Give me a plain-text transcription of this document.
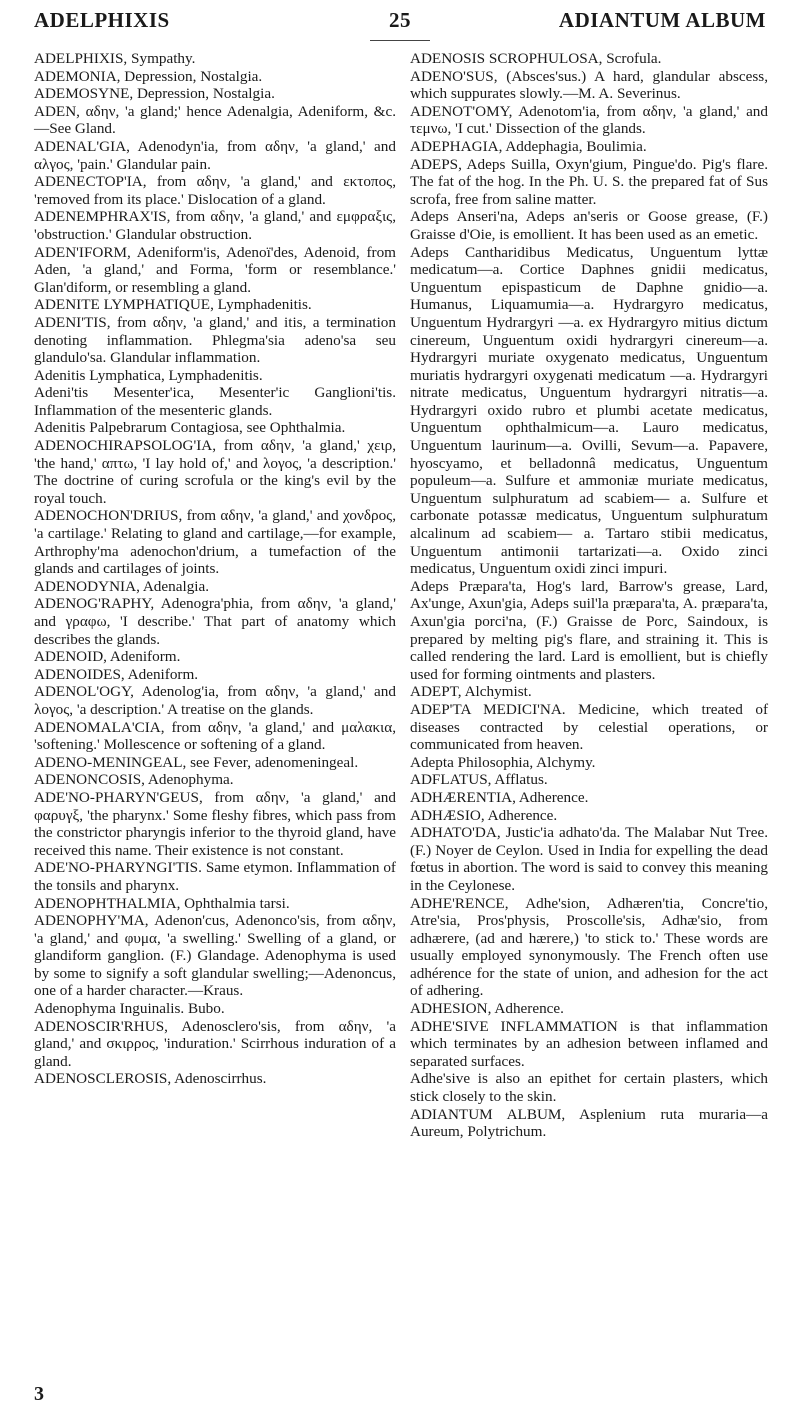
ADELPHIXIS	25	ADIANTUM ALBUM

ADELPHIXIS, Sympathy.

ADEMONIA, Depression, Nostalgia.

ADEMOSYNE, Depression, Nostalgia.

ADEN, αδην, 'a gland;' hence Adenalgia, Adeniform, &c.—See Gland.

ADENAL'GIA, Adenodyn'ia, from αδην, 'a gland,' and αλγος, 'pain.' Glandular pain.

ADENECTOP'IA, from αδην, 'a gland,' and εκτοπος, 'removed from its place.' Dislocation of a gland.

ADENEMPHRAX'IS, from αδην, 'a gland,' and εμφραξις, 'obstruction.' Glandular obstruction.

ADEN'IFORM, Adeniform'is, Adenoï'des, Adenoid, from Aden, 'a gland,' and Forma, 'form or resemblance.' Glan'diform, or resembling a gland.

ADENITE LYMPHATIQUE, Lymphadenitis.

ADENI'TIS, from αδην, 'a gland,' and itis, a termination denoting inflammation. Phlegma'sia adeno'sa seu glandulo'sa. Glandular inflammation.

Adenitis Lymphatica, Lymphadenitis.

Adeni'tis Mesenter'ica, Mesenter'ic Ganglioni'tis. Inflammation of the mesenteric glands.

Adenitis Palpebrarum Contagiosa, see Ophthalmia.

ADENOCHIRAPSOLOG'IA, from αδην, 'a gland,' χειρ, 'the hand,' απτω, 'I lay hold of,' and λογος, 'a description.' The doctrine of curing scrofula or the king's evil by the royal touch.

ADENOCHON'DRIUS, from αδην, 'a gland,' and χονδρος, 'a cartilage.' Relating to gland and cartilage,—for example, Arthrophy'ma adenochon'drium, a tumefaction of the glands and cartilages of joints.

ADENODYNIA, Adenalgia.

ADENOG'RAPHY, Adenogra'phia, from αδην, 'a gland,' and γραφω, 'I describe.' That part of anatomy which describes the glands.

ADENOID, Adeniform.

ADENOIDES, Adeniform.

ADENOL'OGY, Adenolog'ia, from αδην, 'a gland,' and λογος, 'a description.' A treatise on the glands.

ADENOMALA'CIA, from αδην, 'a gland,' and μαλακια, 'softening.' Mollescence or softening of a gland.

ADENO-MENINGEAL, see Fever, adenomeningeal.

ADENONCOSIS, Adenophyma.

ADE'NO-PHARYN'GEUS, from αδην, 'a gland,' and φαρυγξ, 'the pharynx.' Some fleshy fibres, which pass from the constrictor pharyngis inferior to the thyroid gland, have received this name. Their existence is not constant.

ADE'NO-PHARYNGI'TIS. Same etymon. Inflammation of the tonsils and pharynx.

ADENOPHTHALMIA, Ophthalmia tarsi.

ADENOPHY'MA, Adenon'cus, Adenonco'sis, from αδην, 'a gland,' and φυμα, 'a swelling.' Swelling of a gland, or glandiform ganglion. (F.) Glandage. Adenophyma is used by some to signify a soft glandular swelling;—Adenoncus, one of a harder character.—Kraus.

Adenophyma Inguinalis. Bubo.

ADENOSCIR'RHUS, Adenosclero'sis, from αδην, 'a gland,' and σκιρρος, 'induration.' Scirrhous induration of a gland.

ADENOSCLEROSIS, Adenoscirrhus.

ADENOSIS SCROPHULOSA, Scrofula.

ADENO'SUS, (Absces'sus.) A hard, glandular abscess, which suppurates slowly.—M. A. Severinus.

ADENOT'OMY, Adenotom'ia, from αδην, 'a gland,' and τεμνω, 'I cut.' Dissection of the glands.

ADEPHAGIA, Addephagia, Boulimia.

ADEPS, Adeps Suilla, Oxyn'gium, Pingue'do. Pig's flare. The fat of the hog. In the Ph. U. S. the prepared fat of Sus scrofa, free from saline matter.

Adeps Anseri'na, Adeps an'seris or Goose grease, (F.) Graisse d'Oie, is emollient. It has been used as an emetic.

Adeps Cantharidibus Medicatus, Unguentum lyttæ medicatum—a. Cortice Daphnes gnidii medicatus, Unguentum epispasticum de Daphne gnidio—a. Humanus, Liquamumia—a. Hydrargyro medicatus, Unguentum Hydrargyri —a. ex Hydrargyro mitius dictum cinereum, Unguentum oxidi hydrargyri cinereum—a. Hydrargyri muriate oxygenato medicatus, Unguentum muriatis hydrargyri oxygenati medicatum —a. Hydrargyri nitrate medicatus, Unguentum hydrargyri nitratis—a. Hydrargyri oxido rubro et plumbi acetate medicatus, Unguentum ophthalmicum—a. Lauro medicatus, Unguentum laurinum—a. Ovilli, Sevum—a. Papavere, hyoscyamo, et belladonnâ medicatus, Unguentum populeum—a. Sulfure et ammoniæ muriate medicatus, Unguentum sulphuratum ad scabiem— a. Sulfure et carbonate potassæ medicatus, Unguentum sulphuratum alcalinum ad scabiem— a. Tartaro stibii medicatus, Unguentum antimonii tartarizati—a. Oxido zinci medicatus, Unguentum oxidi zinci impuri.

Adeps Præpara'ta, Hog's lard, Barrow's grease, Lard, Ax'unge, Axun'gia, Adeps suil'la præpara'ta, A. præpara'ta, Axun'gia porci'na, (F.) Graisse de Porc, Saindoux, is prepared by melting pig's flare, and straining it. This is called rendering the lard. Lard is emollient, but is chiefly used for forming ointments and plasters.

ADEPT, Alchymist.

ADEP'TA MEDICI'NA. Medicine, which treated of diseases contracted by celestial operations, or communicated from heaven.

Adepta Philosophia, Alchymy.

ADFLATUS, Afflatus.

ADHÆRENTIA, Adherence.

ADHÆSIO, Adherence.

ADHATO'DA, Justic'ia adhato'da. The Malabar Nut Tree. (F.) Noyer de Ceylon. Used in India for expelling the dead fœtus in abortion. The word is said to convey this meaning in the Ceylonese.

ADHE'RENCE, Adhe'sion, Adhæren'tia, Concre'tio, Atre'sia, Pros'physis, Proscolle'sis, Adhæ'sio, from adhærere, (ad and hærere,) 'to stick to.' These words are usually employed synonymously. The French often use adhérence for the state of union, and adhesion for the act of adhering.

ADHESION, Adherence.

ADHE'SIVE INFLAMMATION is that inflammation which terminates by an adhesion between inflamed and separated surfaces.

Adhe'sive is also an epithet for certain plasters, which stick closely to the skin.

ADIANTUM ALBUM, Asplenium ruta muraria—a Aureum, Polytrichum.

3
